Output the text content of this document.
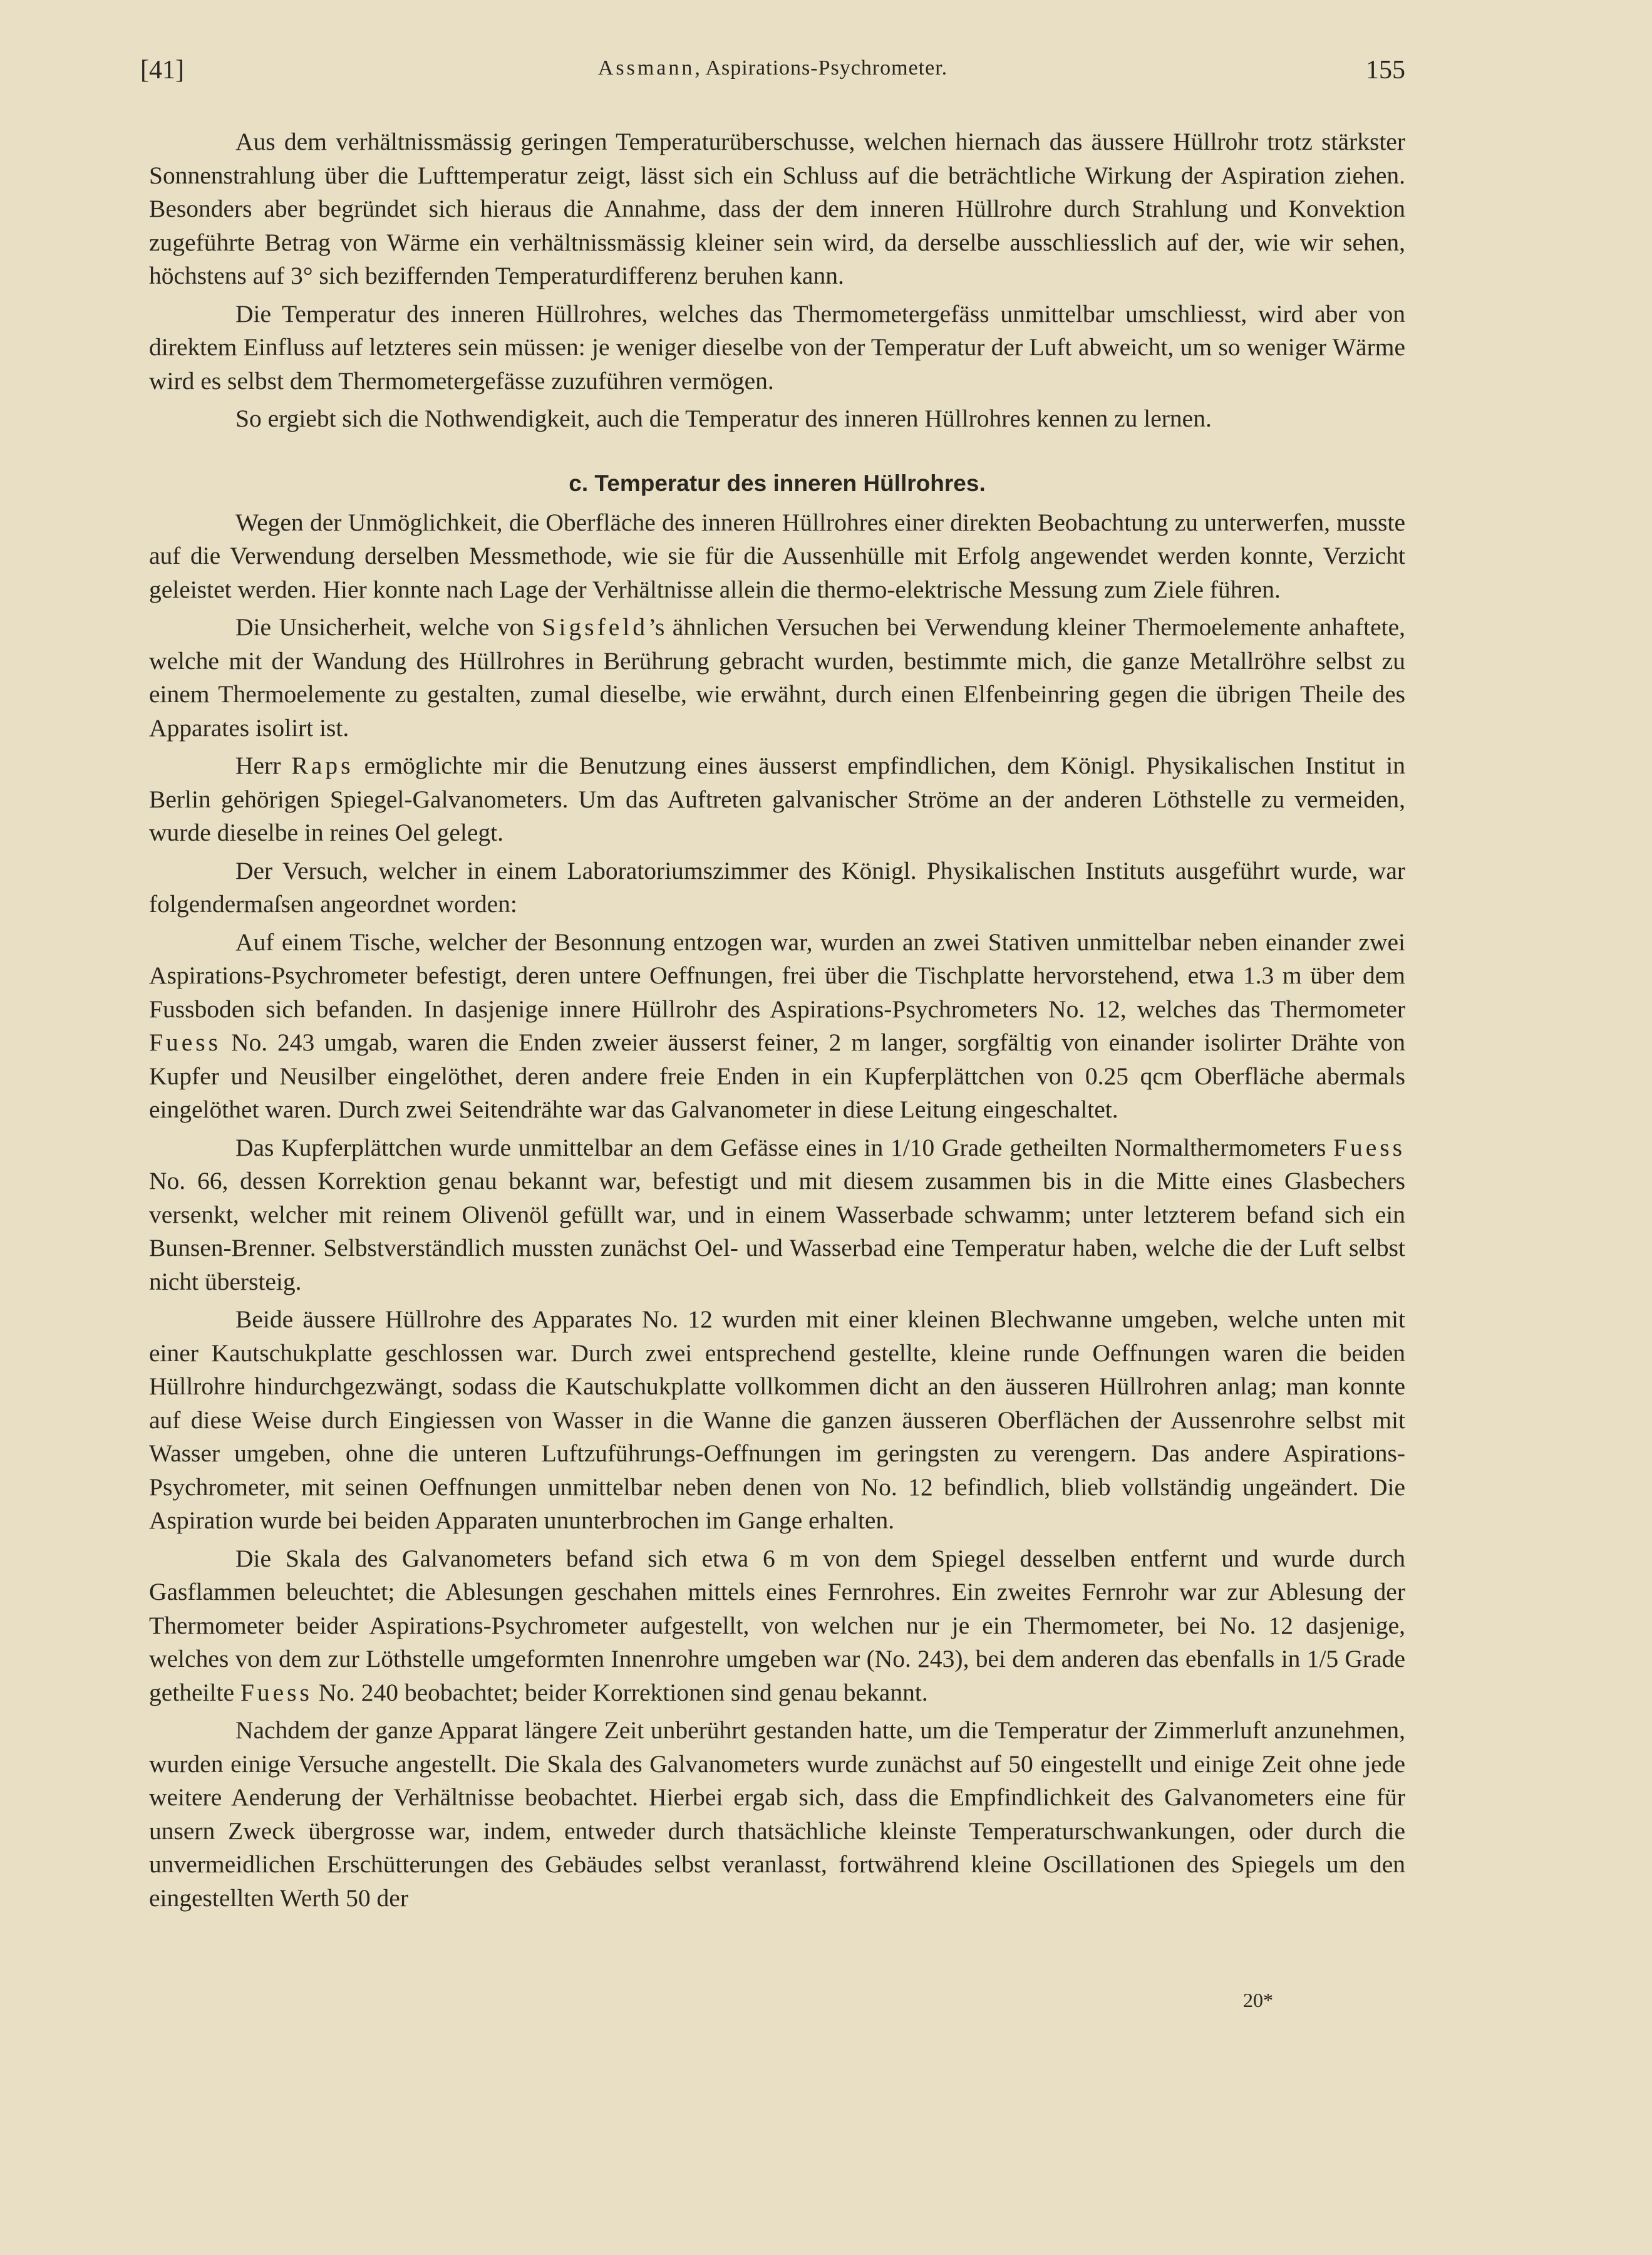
[41]	Assmann, Aspirations-Psychrometer.	155

Aus dem verhältnissmässig geringen Temperaturüberschusse, welchen hiernach das äussere Hüllrohr trotz stärkster Sonnenstrahlung über die Lufttemperatur zeigt, lässt sich ein Schluss auf die beträchtliche Wirkung der Aspiration ziehen. Besonders aber begründet sich hieraus die Annahme, dass der dem inneren Hüllrohre durch Strahlung und Konvektion zugeführte Betrag von Wärme ein verhältnissmässig kleiner sein wird, da derselbe ausschliesslich auf der, wie wir sehen, höchstens auf 3° sich beziffernden Temperaturdifferenz beruhen kann.

Die Temperatur des inneren Hüllrohres, welches das Thermometergefäss unmittelbar umschliesst, wird aber von direktem Einfluss auf letzteres sein müssen: je weniger dieselbe von der Temperatur der Luft abweicht, um so weniger Wärme wird es selbst dem Thermometergefässe zuzuführen vermögen.

So ergiebt sich die Nothwendigkeit, auch die Temperatur des inneren Hüllrohres kennen zu lernen.

c. Temperatur des inneren Hüllrohres.

Wegen der Unmöglichkeit, die Oberfläche des inneren Hüllrohres einer direkten Beobachtung zu unterwerfen, musste auf die Verwendung derselben Messmethode, wie sie für die Aussenhülle mit Erfolg angewendet werden konnte, Verzicht geleistet werden. Hier konnte nach Lage der Verhältnisse allein die thermo-elektrische Messung zum Ziele führen.

Die Unsicherheit, welche von Sigsfeld’s ähnlichen Versuchen bei Verwendung kleiner Thermoelemente anhaftete, welche mit der Wandung des Hüllrohres in Berührung gebracht wurden, bestimmte mich, die ganze Metallröhre selbst zu einem Thermoelemente zu gestalten, zumal dieselbe, wie erwähnt, durch einen Elfenbeinring gegen die übrigen Theile des Apparates isolirt ist.

Herr Raps ermöglichte mir die Benutzung eines äusserst empfindlichen, dem Königl. Physikalischen Institut in Berlin gehörigen Spiegel-Galvanometers. Um das Auftreten galvanischer Ströme an der anderen Löthstelle zu vermeiden, wurde dieselbe in reines Oel gelegt.

Der Versuch, welcher in einem Laboratoriumszimmer des Königl. Physikalischen Instituts ausgeführt wurde, war folgendermaſsen angeordnet worden:

Auf einem Tische, welcher der Besonnung entzogen war, wurden an zwei Stativen unmittelbar neben einander zwei Aspirations-Psychrometer befestigt, deren untere Oeffnungen, frei über die Tischplatte hervorstehend, etwa 1.3 m über dem Fussboden sich befanden. In dasjenige innere Hüllrohr des Aspirations-Psychrometers No. 12, welches das Thermometer Fuess No. 243 umgab, waren die Enden zweier äusserst feiner, 2 m langer, sorgfältig von einander isolirter Drähte von Kupfer und Neusilber eingelöthet, deren andere freie Enden in ein Kupferplättchen von 0.25 qcm Oberfläche abermals eingelöthet waren. Durch zwei Seitendrähte war das Galvanometer in diese Leitung eingeschaltet.

Das Kupferplättchen wurde unmittelbar an dem Gefässe eines in 1/10 Grade getheilten Normalthermometers Fuess No. 66, dessen Korrektion genau bekannt war, befestigt und mit diesem zusammen bis in die Mitte eines Glasbechers versenkt, welcher mit reinem Olivenöl gefüllt war, und in einem Wasserbade schwamm; unter letzterem befand sich ein Bunsen-Brenner. Selbstverständlich mussten zunächst Oel- und Wasserbad eine Temperatur haben, welche die der Luft selbst nicht übersteig.

Beide äussere Hüllrohre des Apparates No. 12 wurden mit einer kleinen Blechwanne umgeben, welche unten mit einer Kautschukplatte geschlossen war. Durch zwei entsprechend gestellte, kleine runde Oeffnungen waren die beiden Hüllrohre hindurchgezwängt, sodass die Kautschukplatte vollkommen dicht an den äusseren Hüllrohren anlag; man konnte auf diese Weise durch Eingiessen von Wasser in die Wanne die ganzen äusseren Oberflächen der Aussenrohre selbst mit Wasser umgeben, ohne die unteren Luftzuführungs-Oeffnungen im geringsten zu verengern. Das andere Aspirations-Psychrometer, mit seinen Oeffnungen unmittelbar neben denen von No. 12 befindlich, blieb vollständig ungeändert. Die Aspiration wurde bei beiden Apparaten ununterbrochen im Gange erhalten.

Die Skala des Galvanometers befand sich etwa 6 m von dem Spiegel desselben entfernt und wurde durch Gasflammen beleuchtet; die Ablesungen geschahen mittels eines Fernrohres. Ein zweites Fernrohr war zur Ablesung der Thermometer beider Aspirations-Psychrometer aufgestellt, von welchen nur je ein Thermometer, bei No. 12 dasjenige, welches von dem zur Löthstelle umgeformten Innenrohre umgeben war (No. 243), bei dem anderen das ebenfalls in 1/5 Grade getheilte Fuess No. 240 beobachtet; beider Korrektionen sind genau bekannt.

Nachdem der ganze Apparat längere Zeit unberührt gestanden hatte, um die Temperatur der Zimmerluft anzunehmen, wurden einige Versuche angestellt. Die Skala des Galvanometers wurde zunächst auf 50 eingestellt und einige Zeit ohne jede weitere Aenderung der Verhältnisse beobachtet. Hierbei ergab sich, dass die Empfindlichkeit des Galvanometers eine für unsern Zweck übergrosse war, indem, entweder durch thatsächliche kleinste Temperaturschwankungen, oder durch die unvermeidlichen Erschütterungen des Gebäudes selbst veranlasst, fortwährend kleine Oscillationen des Spiegels um den eingestellten Werth 50 der

20*
